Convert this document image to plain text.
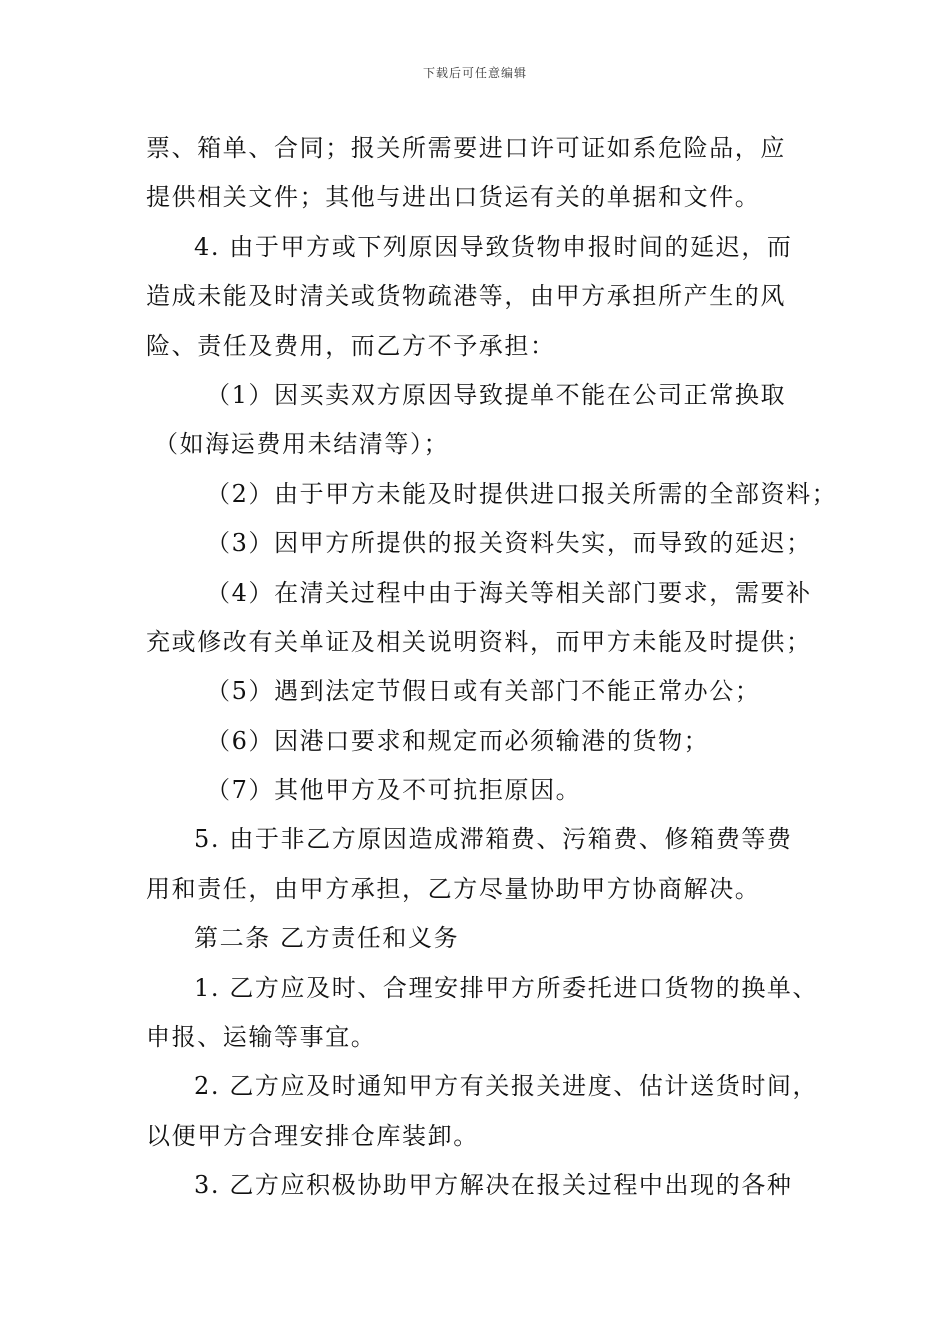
下载后可任意编辑
票、箱单、合同；报关所需要进口许可证如系危险品，应
提供相关文件；其他与进出口货运有关的单据和文件。
4. 由于甲方或下列原因导致货物申报时间的延迟，而
造成未能及时清关或货物疏港等，由甲方承担所产生的风
险、责任及费用，而乙方不予承担：
（1）因买卖双方原因导致提单不能在公司正常换取
（如海运费用未结清等）；
（2）由于甲方未能及时提供进口报关所需的全部资料；
（3）因甲方所提供的报关资料失实，而导致的延迟；
（4）在清关过程中由于海关等相关部门要求，需要补
充或修改有关单证及相关说明资料，而甲方未能及时提供；
（5）遇到法定节假日或有关部门不能正常办公；
（6）因港口要求和规定而必须输港的货物；
（7）其他甲方及不可抗拒原因。
5. 由于非乙方原因造成滞箱费、污箱费、修箱费等费
用和责任，由甲方承担，乙方尽量协助甲方协商解决。
第二条 乙方责任和义务
1. 乙方应及时、合理安排甲方所委托进口货物的换单、
申报、运输等事宜。
2. 乙方应及时通知甲方有关报关进度、估计送货时间，
以便甲方合理安排仓库装卸。
3. 乙方应积极协助甲方解决在报关过程中出现的各种
